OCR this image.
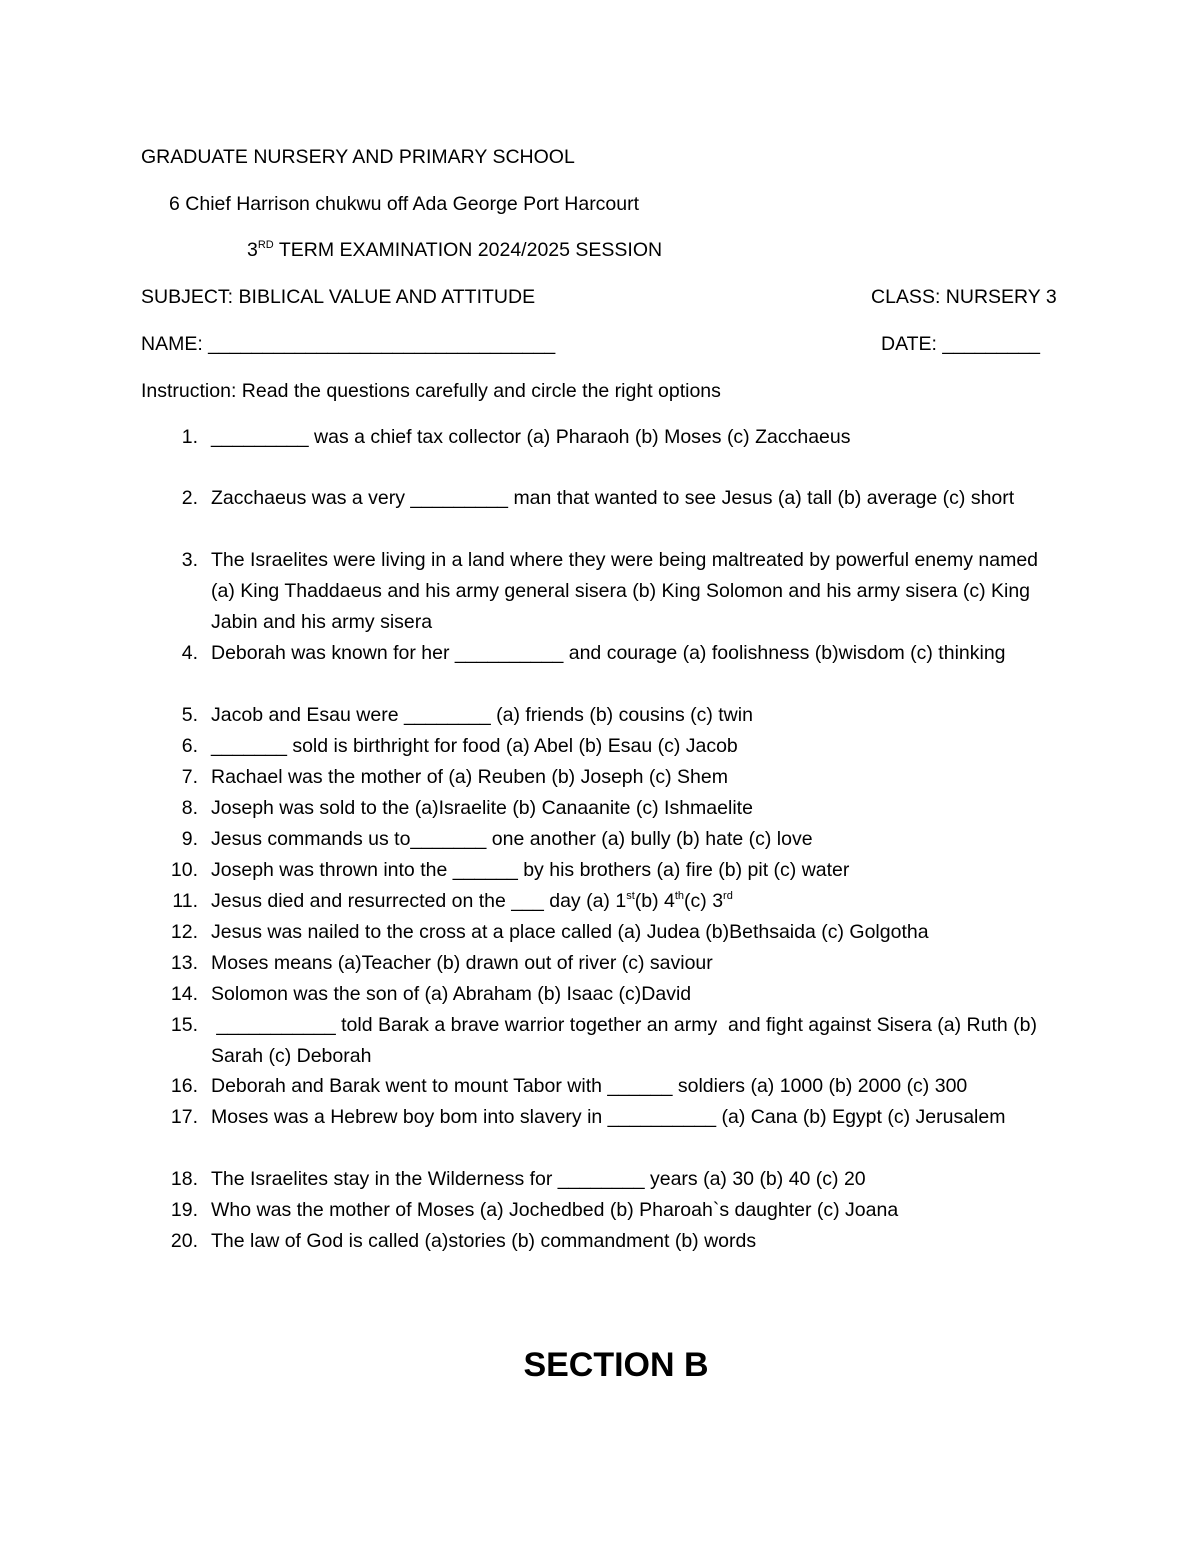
GRADUATE NURSERY AND PRIMARY SCHOOL
6 Chief Harrison chukwu off Ada George Port Harcourt
3RD TERM EXAMINATION 2024/2025 SESSION
SUBJECT: BIBLICAL VALUE AND ATTITUDE	CLASS: NURSERY 3
NAME: ________________________________	DATE: _________
Instruction: Read the questions carefully and circle the right options
1. _________ was a chief tax collector (a) Pharaoh (b) Moses (c) Zacchaeus
2. Zacchaeus was a very _________ man that wanted to see Jesus (a) tall (b) average (c) short
3. The Israelites were living in a land where they were being maltreated by powerful enemy named (a) King Thaddaeus and his army general sisera (b) King Solomon and his army sisera (c) King Jabin and his army sisera
4. Deborah was known for her __________ and courage (a) foolishness (b)wisdom (c) thinking
5. Jacob and Esau were ________ (a) friends (b) cousins (c) twin
6. _______ sold is birthright for food (a) Abel (b) Esau (c) Jacob
7. Rachael was the mother of (a) Reuben (b) Joseph (c) Shem
8. Joseph was sold to the (a)Israelite (b) Canaanite (c) Ishmaelite
9. Jesus commands us to_______ one another (a) bully (b) hate (c) love
10. Joseph was thrown into the ______ by his brothers (a) fire (b) pit (c) water
11. Jesus died and resurrected on the ___ day (a) 1st(b) 4th(c) 3rd
12. Jesus was nailed to the cross at a place called (a) Judea (b)Bethsaida (c) Golgotha
13. Moses means (a)Teacher (b) drawn out of river (c) saviour
14. Solomon was the son of (a) Abraham (b) Isaac (c)David
15. ___________ told Barak a brave warrior together an army  and fight against Sisera (a) Ruth (b) Sarah (c) Deborah
16. Deborah and Barak went to mount Tabor with ______ soldiers (a) 1000 (b) 2000 (c) 300
17. Moses was a Hebrew boy bom into slavery in __________ (a) Cana (b) Egypt (c) Jerusalem
18. The Israelites stay in the Wilderness for ________ years (a) 30 (b) 40 (c) 20
19. Who was the mother of Moses (a) Jochedbed (b) Pharoah`s daughter (c) Joana
20. The law of God is called (a)stories (b) commandment (b) words
SECTION B
